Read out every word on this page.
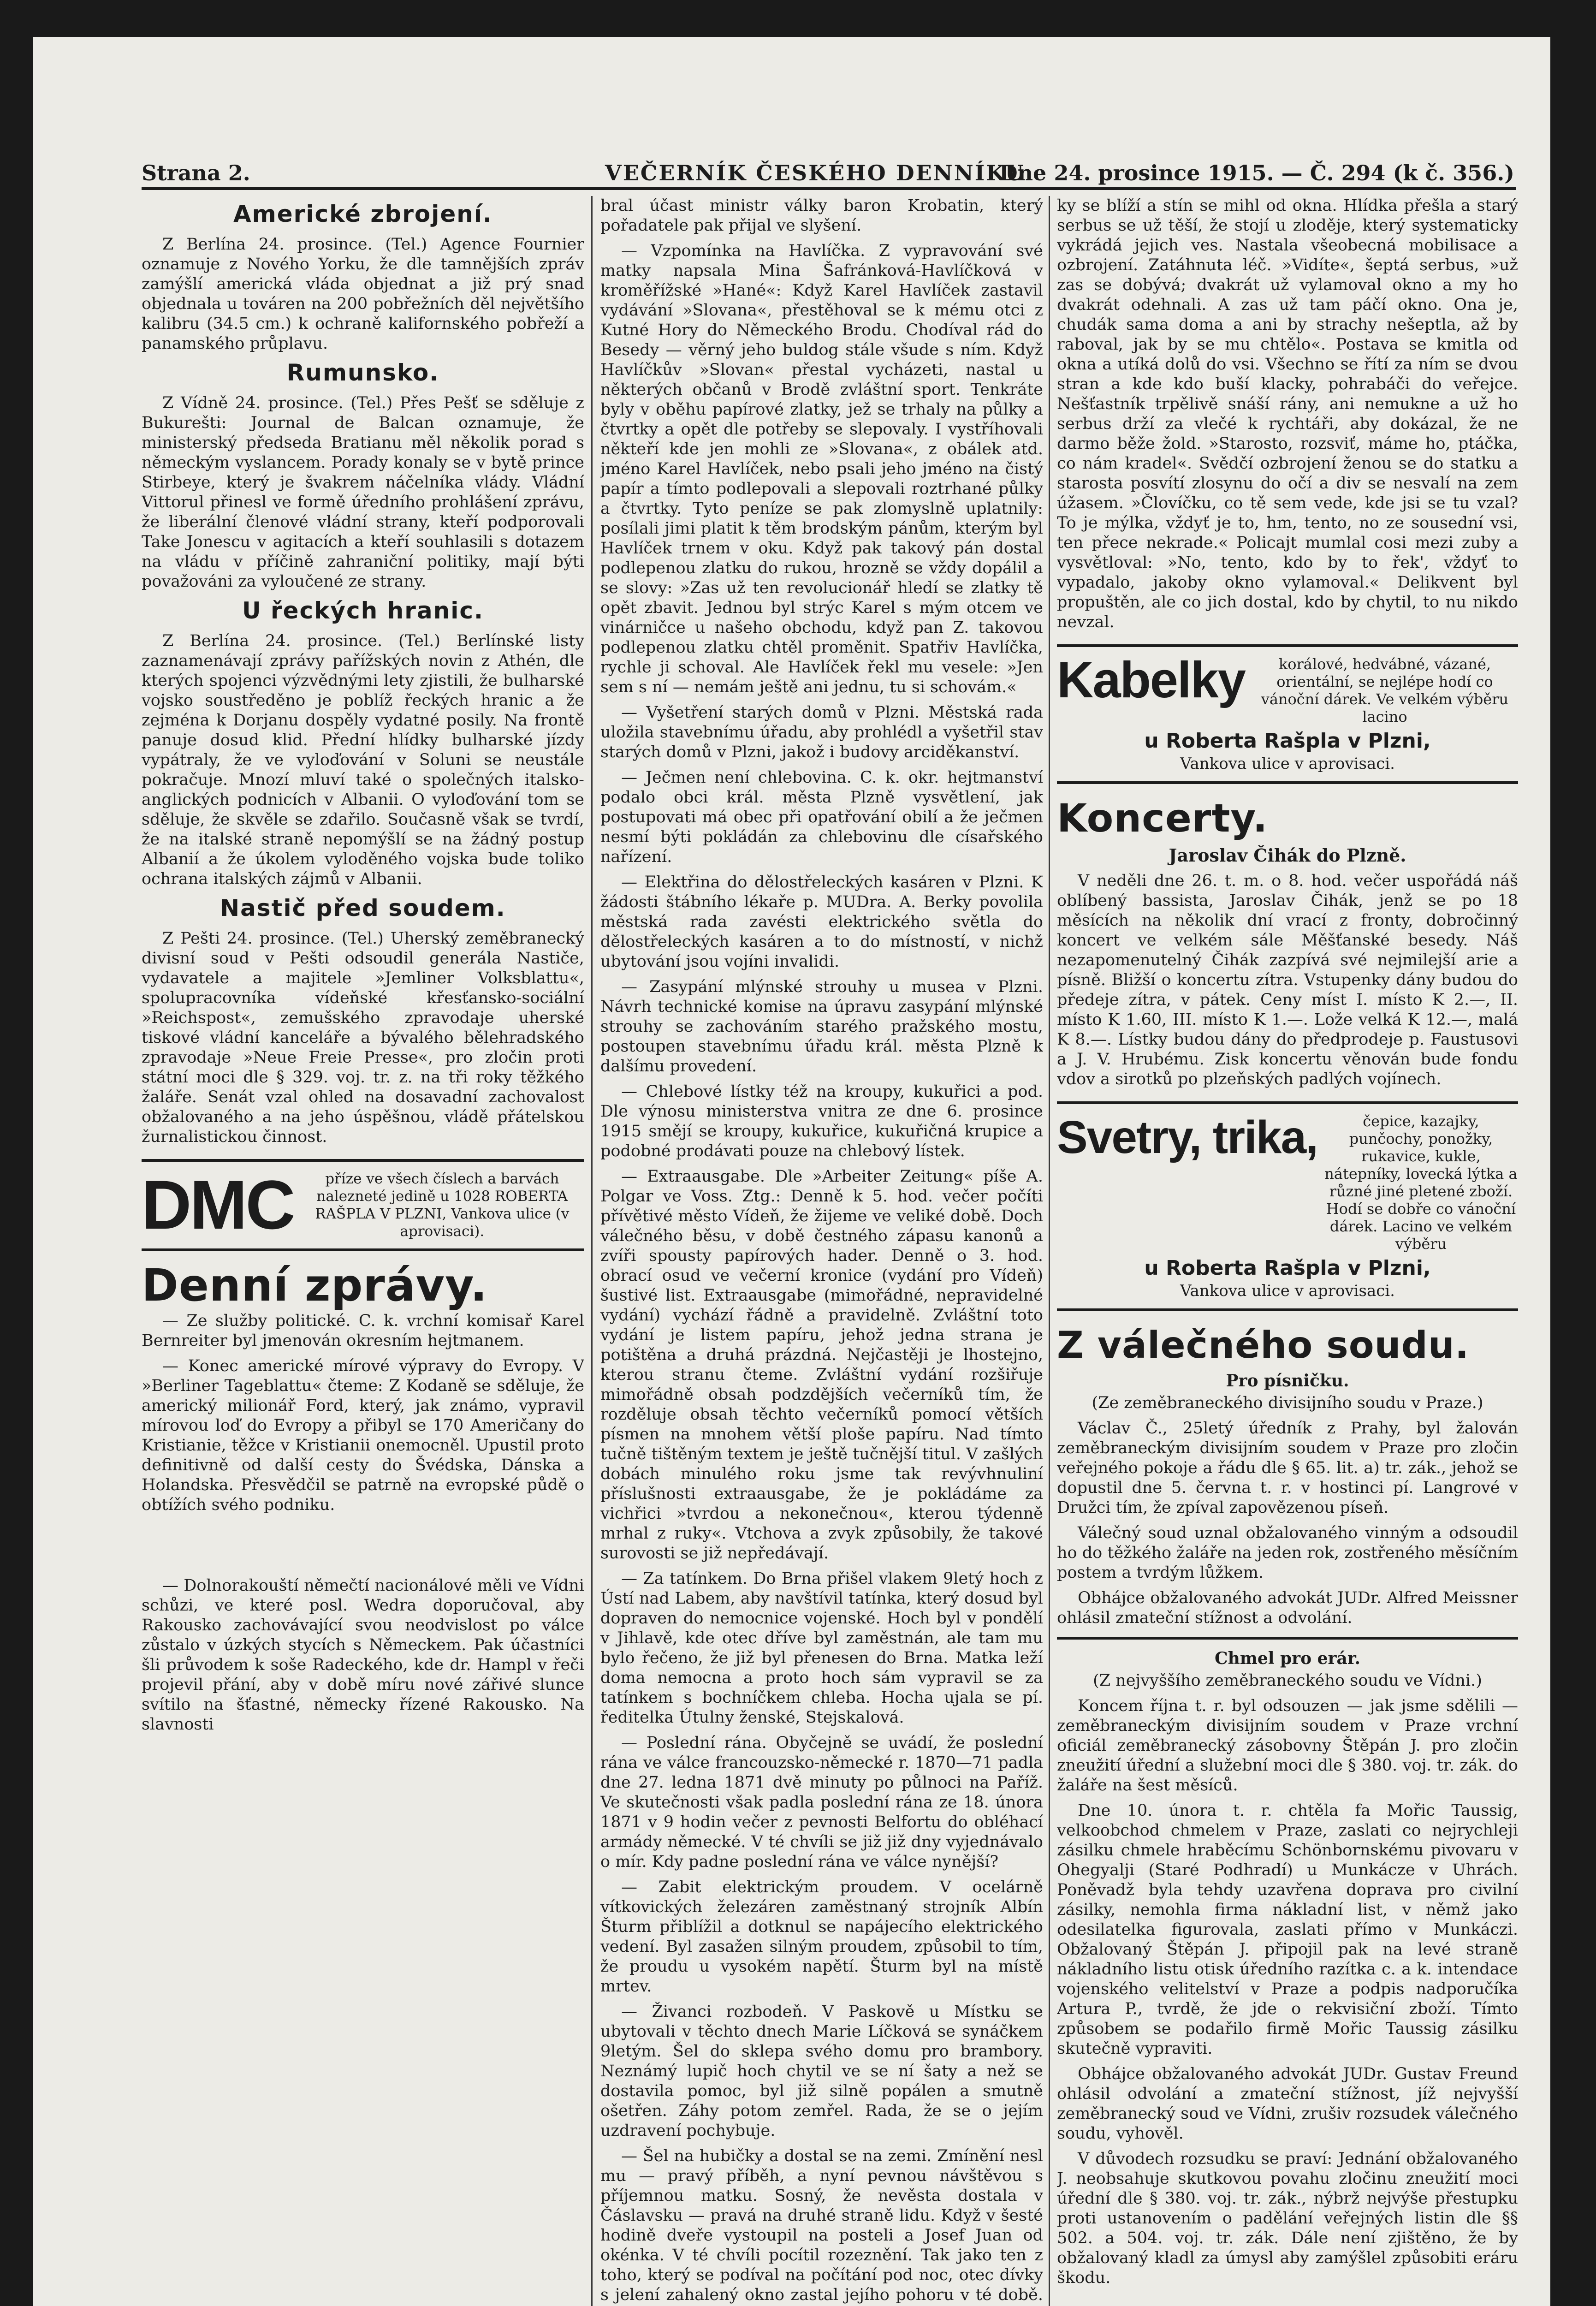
Strana 2.	VEČERNÍK ČESKÉHO DENNÍKU
Dne 24. prosince 1915. — Č. 294 (k č. 356.)
Americké zbrojení.

Z Berlína 24. prosince. (Tel.) Agence Fournier oznamuje z Nového Yorku, že dle tamnějších zpráv zamýšlí americká vláda objednat a již prý snad objednala u továren na 200 pobřežních děl největšího kalibru (34.5 cm.) k ochraně kalifornského pobřeží a panamského průplavu.

Rumunsko.

Z Vídně 24. prosince. (Tel.) Přes Pešť se sděluje z Bukurešti: Journal de Balcan oznamuje, že ministerský předseda Bratianu měl několik porad s německým vyslancem. Porady konaly se v bytě prince Stirbeye, který je švakrem náčelníka vlády. Vládní Vittorul přinesl ve formě úředního prohlášení zprávu, že liberální členové vládní strany, kteří podporovali Take Jonescu v agitacích a kteří souhlasili s dotazem na vládu v příčině zahraniční politiky, mají býti považováni za vyloučené ze strany.

U řeckých hranic.

Z Berlína 24. prosince. (Tel.) Berlínské listy zaznamenávají zprávy pařížských novin z Athén, dle kterých spojenci výzvědnými lety zjistili, že bulharské vojsko soustředěno je poblíž řeckých hranic a že zejména k Dorjanu dospěly vydatné posily. Na frontě panuje dosud klid. Přední hlídky bulharské jízdy vypátraly, že ve vyloďování v Soluni se neustále pokračuje. Mnozí mluví také o společných italsko-anglických podnicích v Albanii. O vyloďování tom se sděluje, že skvěle se zdařilo. Současně však se tvrdí, že na italské straně nepomýšlí se na žádný postup Albanií a že úkolem vyloděného vojska bude toliko ochrana italských zájmů v Albanii.

Nastič před soudem.

Z Pešti 24. prosince. (Tel.) Uherský zeměbranecký divisní soud v Pešti odsoudil generála Nastiče, vydavatele a majitele »Jemliner Volksblattu«, spolupracovníka vídeňské křesťansko-sociální »Reichspost«, zemušského zpravodaje uherské tiskové vládní kanceláře a bývalého bělehradského zpravodaje »Neue Freie Presse«, pro zločin proti státní moci dle § 329. voj. tr. z. na tři roky těžkého žaláře. Senát vzal ohled na dosavadní zachovalost obžalovaného a na jeho úspěšnou, vládě přátelskou žurnalistickou činnost.

DMC	příze ve všech číslech a barvách nalezneté jedině u 1028 ROBERTA RAŠPLA V PLZNI, Vankova ulice (v aprovisaci).
Denní zprávy.

— Ze služby politické. C. k. vrchní komisař Karel Bernreiter byl jmenován okresním hejtmanem.

— Konec americké mírové výpravy do Evropy. V »Berliner Tageblattu« čteme: Z Kodaně se sděluje, že americký milionář Ford, který, jak známo, vypravil mírovou loď do Evropy a přibyl se 170 Američany do Kristianie, těžce v Kristianii onemocněl. Upustil proto definitivně od další cesty do Švédska, Dánska a Holandska. Přesvědčil se patrně na evropské půdě o obtížích svého podniku.

— Dolnorakouští němečtí nacionálové měli ve Vídni schůzi, ve které posl. Wedra doporučoval, aby Rakousko zachovávající svou neodvislost po válce zůstalo v úzkých stycích s Německem. Pak účastníci šli průvodem k soše Radeckého, kde dr. Hampl v řeči projevil přání, aby v době míru nové zářivé slunce svítilo na šťastné, německy řízené Rakousko. Na slavnosti

bral účast ministr války baron Krobatin, který pořadatele pak přijal ve slyšení.

— Vzpomínka na Havlíčka. Z vypravování své matky napsala Mina Šafránková-Havlíčková v kroměřížské »Hané«: Když Karel Havlíček zastavil vydávání »Slovana«, přestěhoval se k mému otci z Kutné Hory do Německého Brodu. Chodíval rád do Besedy — věrný jeho buldog stále všude s ním. Když Havlíčkův »Slovan« přestal vycházeti, nastal u některých občanů v Brodě zvláštní sport. Tenkráte byly v oběhu papírové zlatky, jež se trhaly na půlky a čtvrtky a opět dle potřeby se slepovaly. I vystříhovali někteří kde jen mohli ze »Slovana«, z obálek atd. jméno Karel Havlíček, nebo psali jeho jméno na čistý papír a tímto podlepovali a slepovali roztrhané půlky a čtvrtky. Tyto peníze se pak zlomyslně uplatnily: posílali jimi platit k těm brodským pánům, kterým byl Havlíček trnem v oku. Když pak takový pán dostal podlepenou zlatku do rukou, hrozně se vždy dopálil a se slovy: »Zas už ten revolucionář hledí se zlatky tě opět zbavit. Jednou byl strýc Karel s mým otcem ve vinárničce u našeho obchodu, když pan Z. takovou podlepenou zlatku chtěl proměnit. Spatřiv Havlíčka, rychle ji schoval. Ale Havlíček řekl mu vesele: »Jen sem s ní — nemám ještě ani jednu, tu si schovám.«

— Vyšetření starých domů v Plzni. Městská rada uložila stavebnímu úřadu, aby prohlédl a vyšetřil stav starých domů v Plzni, jakož i budovy arciděkanství.

— Ječmen není chlebovina. C. k. okr. hejtmanství podalo obci král. města Plzně vysvětlení, jak postupovati má obec při opatřování obilí a že ječmen nesmí býti pokládán za chlebovinu dle císařského nařízení.

— Elektřina do dělostřeleckých kasáren v Plzni. K žádosti štábního lékaře p. MUDra. A. Berky povolila městská rada zavésti elektrického světla do dělostřeleckých kasáren a to do místností, v nichž ubytování jsou vojíni invalidi.

— Zasypání mlýnské strouhy u musea v Plzni. Návrh technické komise na úpravu zasypání mlýnské strouhy se zachováním starého pražského mostu, postoupen stavebnímu úřadu král. města Plzně k dalšímu provedení.

— Chlebové lístky též na kroupy, kukuřici a pod. Dle výnosu ministerstva vnitra ze dne 6. prosince 1915 smějí se kroupy, kukuřice, kukuřičná krupice a podobné prodávati pouze na chlebový lístek.

— Extraausgabe. Dle »Arbeiter Zeitung« píše A. Polgar ve Voss. Ztg.: Denně k 5. hod. večer počíti přívětivé město Vídeň, že žijeme ve veliké době. Doch válečného běsu, v době čestného zápasu kanonů a zvíři spousty papírových hader. Denně o 3. hod. obrací osud ve večerní kronice (vydání pro Vídeň) šustivé list. Extraausgabe (mimořádné, nepravidelné vydání) vychází řádně a pravidelně. Zvláštní toto vydání je listem papíru, jehož jedna strana je potištěna a druhá prázdná. Nejčastěji je lhostejno, kterou stranu čteme. Zvláštní vydání rozšiřuje mimořádně obsah podzdějších večerníků tím, že rozděluje obsah těchto večerníků pomocí větších písmen na mnohem větší ploše papíru. Nad tímto tučně tištěným textem je ještě tučnější titul. V zašlých dobách minulého roku jsme tak revývhnuliní příslušnosti extraausgabe, že je pokládáme za vichřici »tvrdou a nekonečnou«, kterou týdenně mrhal z ruky«. Vtchova a zvyk způsobily, že takové surovosti se již nepředávají.

— Za tatínkem. Do Brna přišel vlakem 9letý hoch z Ústí nad Labem, aby navštívil tatínka, který dosud byl dopraven do nemocnice vojenské. Hoch byl v pondělí v Jihlavě, kde otec dříve byl zaměstnán, ale tam mu bylo řečeno, že již byl přenesen do Brna. Matka leží doma nemocna a proto hoch sám vypravil se za tatínkem s bochníčkem chleba. Hocha ujala se pí. ředitelka Útulny ženské, Stejskalová.

— Poslední rána. Obyčejně se uvádí, že poslední rána ve válce francouzsko-německé r. 1870—71 padla dne 27. ledna 1871 dvě minuty po půlnoci na Paříž. Ve skutečnosti však padla poslední rána ze 18. února 1871 v 9 hodin večer z pevnosti Belfortu do obléhací armády německé. V té chvíli se již již dny vyjednávalo o mír. Kdy padne poslední rána ve válce nynější?

— Zabit elektrickým proudem. V ocelárně vítkovických železáren zaměstnaný strojník Albín Šturm přiblížil a dotknul se napájecího elektrického vedení. Byl zasažen silným proudem, způsobil to tím, že proudu u vysokém napětí. Šturm byl na místě mrtev.

— Živanci rozbodeň. V Paskově u Místku se ubytovali v těchto dnech Marie Líčková se synáčkem 9letým. Šel do sklepa svého domu pro brambory. Neznámý lupič hoch chytil ve se ní šaty a než se dostavila pomoc, byl již silně popálen a smutně ošetřen. Záhy potom zemřel. Rada, že se o jejím uzdravení pochybuje.

— Šel na hubičky a dostal se na zemi. Zmínění nesl mu — pravý příběh, a nyní pevnou návštěvou s příjemnou matku. Sosný, že nevěsta dostala v Čáslavsku — pravá na druhé straně lidu. Když v šesté hodině dveře vystoupil na posteli a Josef Juan od okénka. V té chvíli pocítil rozeznění. Tak jako ten z toho, který se podíval na počítání pod noc, otec dívky s jelení zahalený okno zastal jejího pohoru v té době.

ky se blíží a stín se mihl od okna. Hlídka přešla a starý serbus se už těší, že stojí u zloděje, který systematicky vykrádá jejich ves. Nastala všeobecná mobilisace a ozbrojení. Zatáhnuta léč. »Vidíte«, šeptá serbus, »už zas se dobývá; dvakrát už vylamoval okno a my ho dvakrát odehnali. A zas už tam páčí okno. Ona je, chudák sama doma a ani by strachy nešeptla, až by raboval, jak by se mu chtělo«. Postava se kmitla od okna a utíká dolů do vsi. Všechno se řítí za ním se dvou stran a kde kdo buší klacky, pohrabáči do veřejce. Nešťastník trpělivě snáší rány, ani nemukne a už ho serbus drží za vlečé k rychtáři, aby dokázal, že ne darmo běže žold. »Starosto, rozsviť, máme ho, ptáčka, co nám kradel«. Svědčí ozbrojení ženou se do statku a starosta posvítí zlosynu do očí a div se nesvalí na zem úžasem. »Človíčku, co tě sem vede, kde jsi se tu vzal? To je mýlka, vždyť je to, hm, tento, no ze sousední vsi, ten přece nekrade.« Policajt mumlal cosi mezi zuby a vysvětloval: »No, tento, kdo by to řek', vždyť to vypadalo, jakoby okno vylamoval.« Delikvent byl propuštěn, ale co jich dostal, kdo by chytil, to nu nikdo nevzal.

Kabelky	korálové, hedvábné, vázané, orientální, se nejlépe hodí co vánoční dárek. Ve velkém výběru lacino
u Roberta Rašpla v Plzni,
Vankova ulice v aprovisaci.
Koncerty.
Jaroslav Čihák do Plzně.

V neděli dne 26. t. m. o 8. hod. večer uspořádá náš oblíbený bassista, Jaroslav Čihák, jenž se po 18 měsících na několik dní vrací z fronty, dobročinný koncert ve velkém sále Měšťanské besedy. Náš nezapomenutelný Čihák zazpívá své nejmilejší arie a písně. Bližší o koncertu zítra. Vstupenky dány budou do předeje zítra, v pátek. Ceny míst I. místo K 2.—, II. místo K 1.60, III. místo K 1.—. Lože velká K 12.—, malá K 8.—. Lístky budou dány do předprodeje p. Faustusovi a J. V. Hrubému. Zisk koncertu věnován bude fondu vdov a sirotků po plzeňských padlých vojínech.

Svetry, trika,	čepice, kazajky, punčochy, ponožky, rukavice, kukle, nátepníky, lovecká lýtka a různé jiné pletené zboží. Hodí se dobře co vánoční dárek. Lacino ve velkém výběru
u Roberta Rašpla v Plzni,
Vankova ulice v aprovisaci.
Z válečného soudu.
Pro písničku.

(Ze zeměbraneckého divisijního soudu v Praze.)

Václav Č., 25letý úředník z Prahy, byl žalován zeměbraneckým divisijním soudem v Praze pro zločin veřejného pokoje a řádu dle § 65. lit. a) tr. zák., jehož se dopustil dne 5. června t. r. v hostinci pí. Langrové v Družci tím, že zpíval zapovězenou píseň.

Válečný soud uznal obžalovaného vinným a odsoudil ho do těžkého žaláře na jeden rok, zostřeného měsíčním postem a tvrdým lůžkem.

Obhájce obžalovaného advokát JUDr. Alfred Meissner ohlásil zmateční stížnost a odvolání.

Chmel pro erár.

(Z nejvyššího zeměbraneckého soudu ve Vídni.)

Koncem října t. r. byl odsouzen — jak jsme sdělili — zeměbraneckým divisijním soudem v Praze vrchní oficiál zeměbranecký zásobovny Štěpán J. pro zločin zneužití úřední a služební moci dle § 380. voj. tr. zák. do žaláře na šest měsíců.

Dne 10. února t. r. chtěla fa Mořic Taussig, velkoobchod chmelem v Praze, zaslati co nejrychleji zásilku chmele hraběcímu Schönbornskému pivovaru v Ohegyalji (Staré Podhradí) u Munkácze v Uhrách. Poněvadž byla tehdy uzavřena doprava pro civilní zásilky, nemohla firma nákladní list, v němž jako odesilatelka figurovala, zaslati přímo v Munkáczi. Obžalovaný Štěpán J. připojil pak na levé straně nákladního listu otisk úředního razítka c. a k. intendace vojenského velitelství v Praze a podpis nadporučíka Artura P., tvrdě, že jde o rekvisiční zboží. Tímto způsobem se podařilo firmě Mořic Taussig zásilku skutečně vypraviti.

Obhájce obžalovaného advokát JUDr. Gustav Freund ohlásil odvolání a zmateční stížnost, jíž nejvyšší zeměbranecký soud ve Vídni, zrušiv rozsudek válečného soudu, vyhověl.

V důvodech rozsudku se praví: Jednání obžalovaného J. neobsahuje skutkovou povahu zločinu zneužití moci úřední dle § 380. voj. tr. zák., nýbrž nejvýše přestupku proti ustanovením o padělání veřejných listin dle §§ 502. a 504. voj. tr. zák. Dále není zjištěno, že by obžalovaný kladl za úmysl aby zamýšlel způsobiti eráru škodu.
